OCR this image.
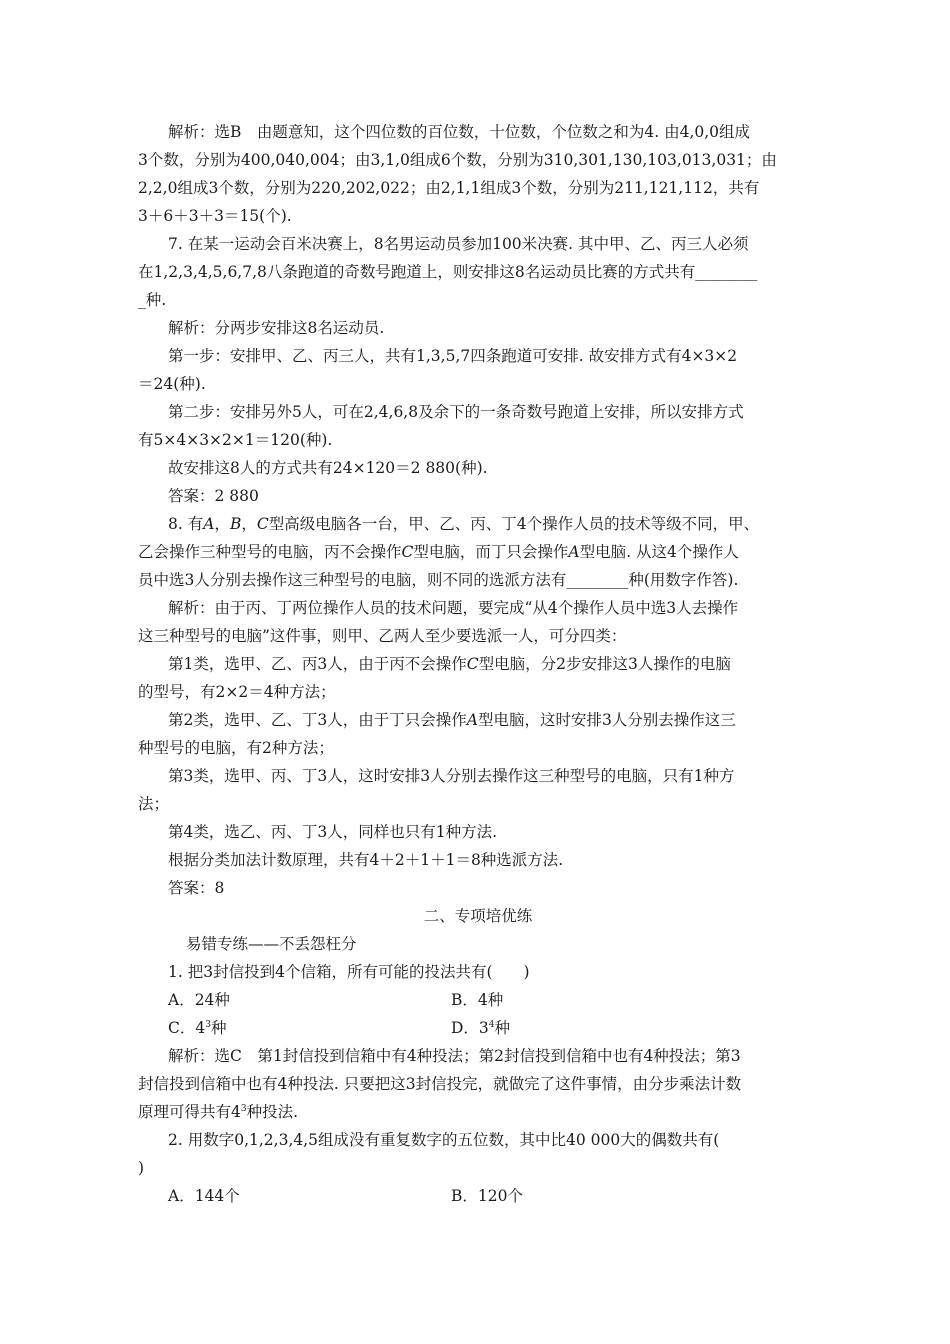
解析：选B　由题意知，这个四位数的百位数，十位数，个位数之和为4. 由4,0,0组成
3个数，分别为400,040,004；由3,1,0组成6个数，分别为310,301,130,103,013,031；由
2,2,0组成3个数，分别为220,202,022；由2,1,1组成3个数，分别为211,121,112，共有
3＋6＋3＋3＝15(个).
7. 在某一运动会百米决赛上，8名男运动员参加100米决赛. 其中甲、乙、丙三人必须
在1,2,3,4,5,6,7,8八条跑道的奇数号跑道上，则安排这8名运动员比赛的方式共有________
_种.
解析：分两步安排这8名运动员.
第一步：安排甲、乙、丙三人，共有1,3,5,7四条跑道可安排. 故安排方式有4×3×2
＝24(种).
第二步：安排另外5人，可在2,4,6,8及余下的一条奇数号跑道上安排，所以安排方式
有5×4×3×2×1＝120(种).
故安排这8人的方式共有24×120＝2 880(种).
答案：2 880
8. 有A，B，C型高级电脑各一台，甲、乙、丙、丁4个操作人员的技术等级不同，甲、
乙会操作三种型号的电脑，丙不会操作C型电脑，而丁只会操作A型电脑. 从这4个操作人
员中选3人分别去操作这三种型号的电脑，则不同的选派方法有________种(用数字作答).
解析：由于丙、丁两位操作人员的技术问题，要完成“从4个操作人员中选3人去操作
这三种型号的电脑”这件事，则甲、乙两人至少要选派一人，可分四类：
第1类，选甲、乙、丙3人，由于丙不会操作C型电脑，分2步安排这3人操作的电脑
的型号，有2×2＝4种方法；
第2类，选甲、乙、丁3人，由于丁只会操作A型电脑，这时安排3人分别去操作这三
种型号的电脑，有2种方法；
第3类，选甲、丙、丁3人，这时安排3人分别去操作这三种型号的电脑，只有1种方
法；
第4类，选乙、丙、丁3人，同样也只有1种方法.
根据分类加法计数原理，共有4＋2＋1＋1＝8种选派方法.
答案：8
二、专项培优练
易错专练——不丢怨枉分
1. 把3封信投到4个信箱，所有可能的投法共有(　　)
A．24种	B．4种
C．$4^3$种	D．$3^4$种
解析：选C　第1封信投到信箱中有4种投法；第2封信投到信箱中也有4种投法；第3
封信投到信箱中也有4种投法. 只要把这3封信投完，就做完了这件事情，由分步乘法计数
原理可得共有$4^3$种投法.
2. 用数字0,1,2,3,4,5组成没有重复数字的五位数，其中比40 000大的偶数共有(
)
A．144个	B．120个
